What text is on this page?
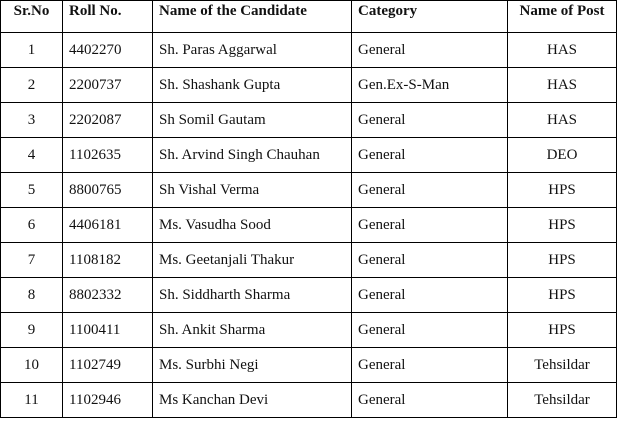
Sr.No	Roll No.	Name of the Candidate	Category	Name of Post
1	4402270	Sh. Paras Aggarwal	General	HAS
2	2200737	Sh. Shashank Gupta	Gen.Ex-S-Man	HAS
3	2202087	Sh Somil Gautam	General	HAS
4	1102635	Sh. Arvind Singh Chauhan	General	DEO
5	8800765	Sh Vishal Verma	General	HPS
6	4406181	Ms. Vasudha Sood	General	HPS
7	1108182	Ms. Geetanjali Thakur	General	HPS
8	8802332	Sh. Siddharth Sharma	General	HPS
9	1100411	Sh. Ankit Sharma	General	HPS
10	1102749	Ms. Surbhi Negi	General	Tehsildar
11	1102946	Ms Kanchan Devi	General	Tehsildar
